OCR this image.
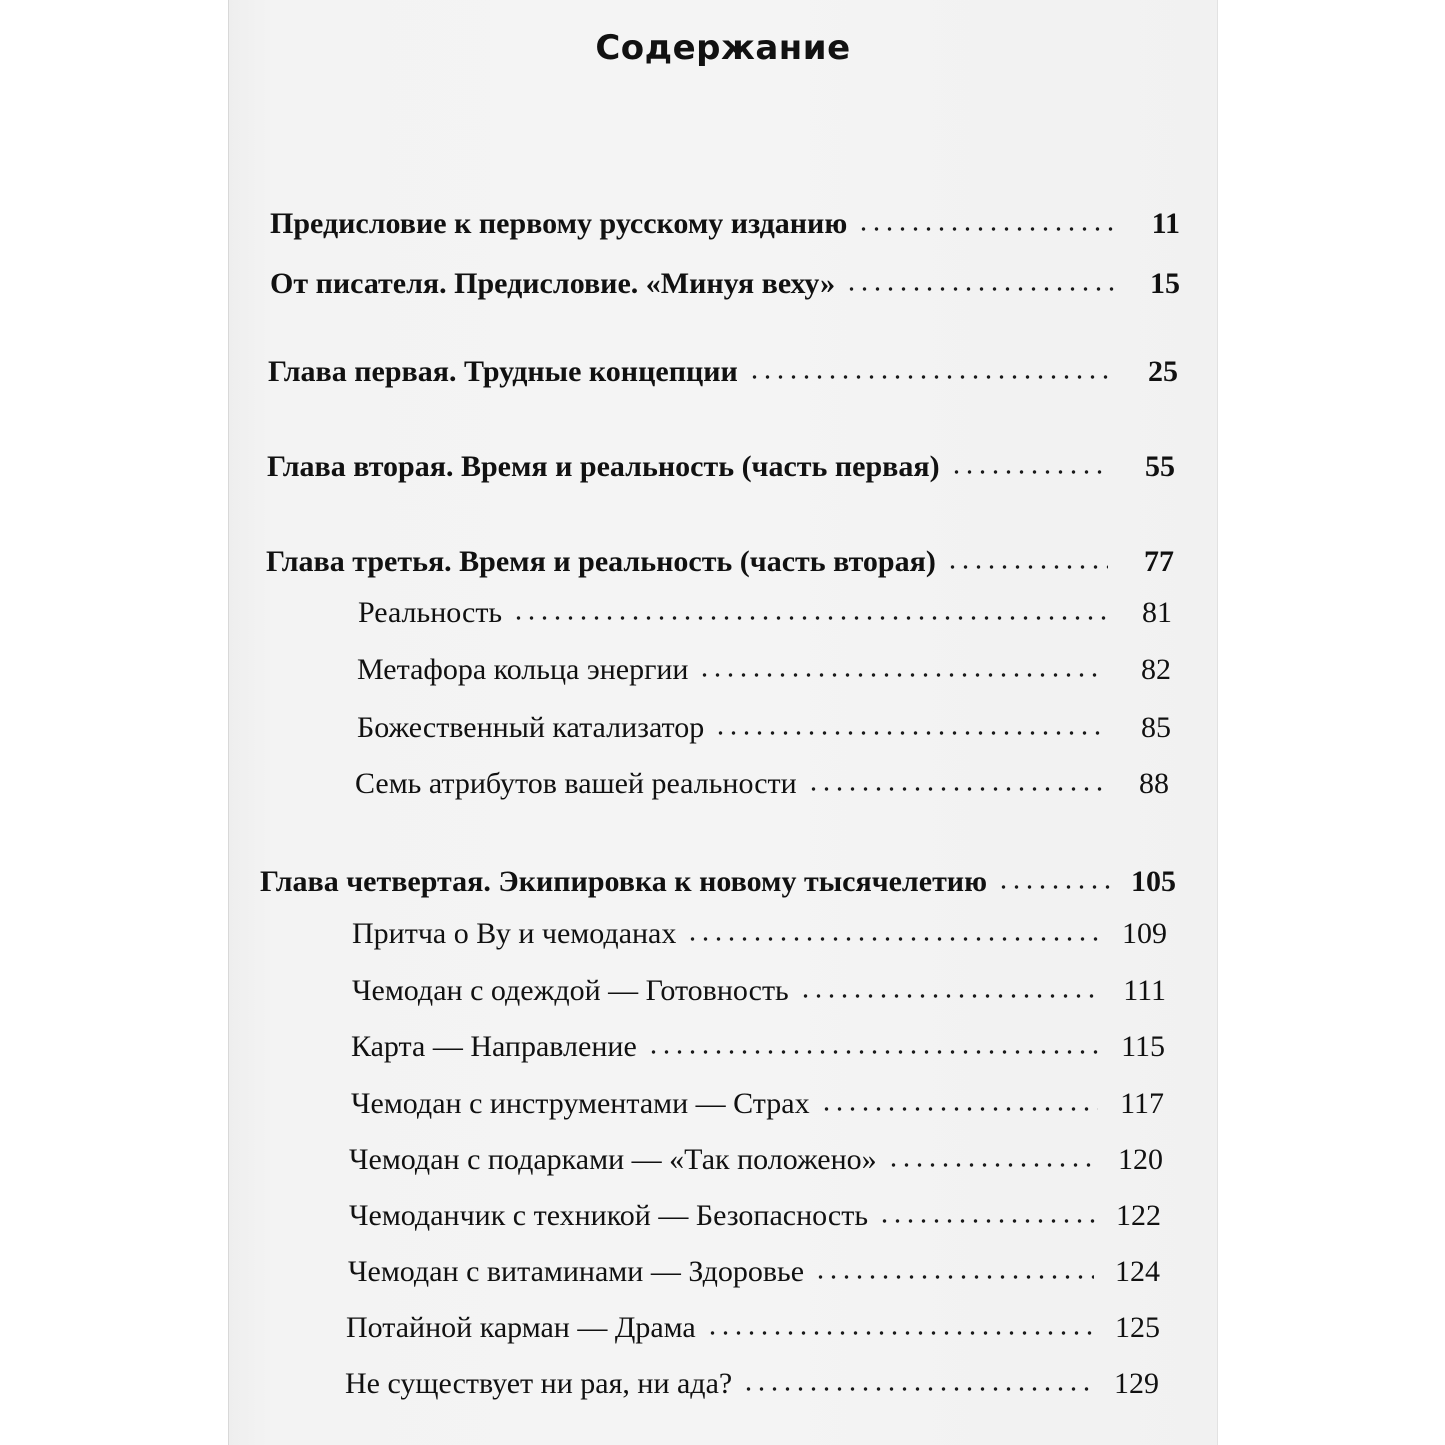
Содержание
Предисловие к первому русскому изданию	11
От писателя. Предисловие. «Минуя веху»	15
Глава первая. Трудные концепции	25
Глава вторая. Время и реальность (часть первая)	55
Глава третья. Время и реальность (часть вторая)	77
Реальность	81
Метафора кольца энергии	82
Божественный катализатор	85
Семь атрибутов вашей реальности	88
Глава четвертая. Экипировка к новому тысячелетию	105
Притча о Ву и чемоданах	109
Чемодан с одеждой — Готовность	111
Карта — Направление	115
Чемодан с инструментами — Страх	117
Чемодан с подарками — «Так положено»	120
Чемоданчик с техникой — Безопасность	122
Чемодан с витаминами — Здоровье	124
Потайной карман — Драма	125
Не существует ни рая, ни ада?	129
